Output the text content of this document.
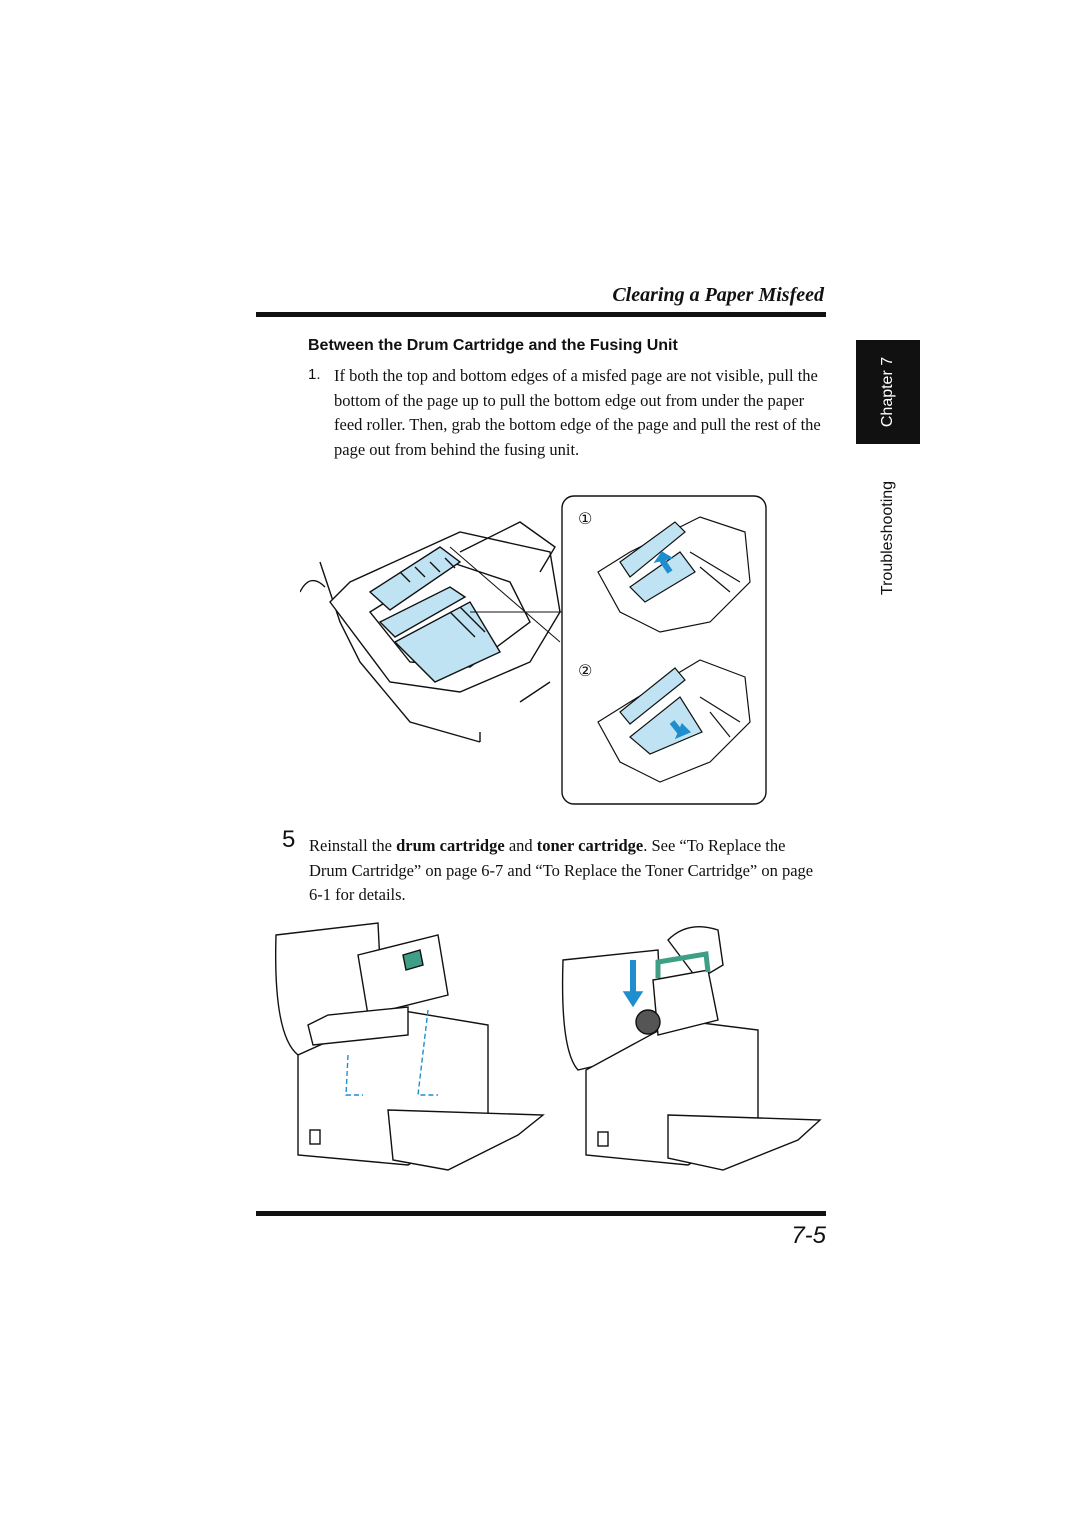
Clearing a Paper Misfeed
Chapter 7
Troubleshooting
Between the Drum Cartridge and the Fusing Unit
1. If both the top and bottom edges of a misfed page are not visible, pull the bottom of the page up to pull the bottom edge out from under the paper feed roller. Then, grab the bottom edge of the page and pull the rest of the page out from behind the fusing unit.
①
②
5 Reinstall the drum cartridge and toner cartridge. See “To Replace the Drum Cartridge” on page 6-7 and “To Replace the Toner Cartridge” on page 6-1 for details.
7-5
